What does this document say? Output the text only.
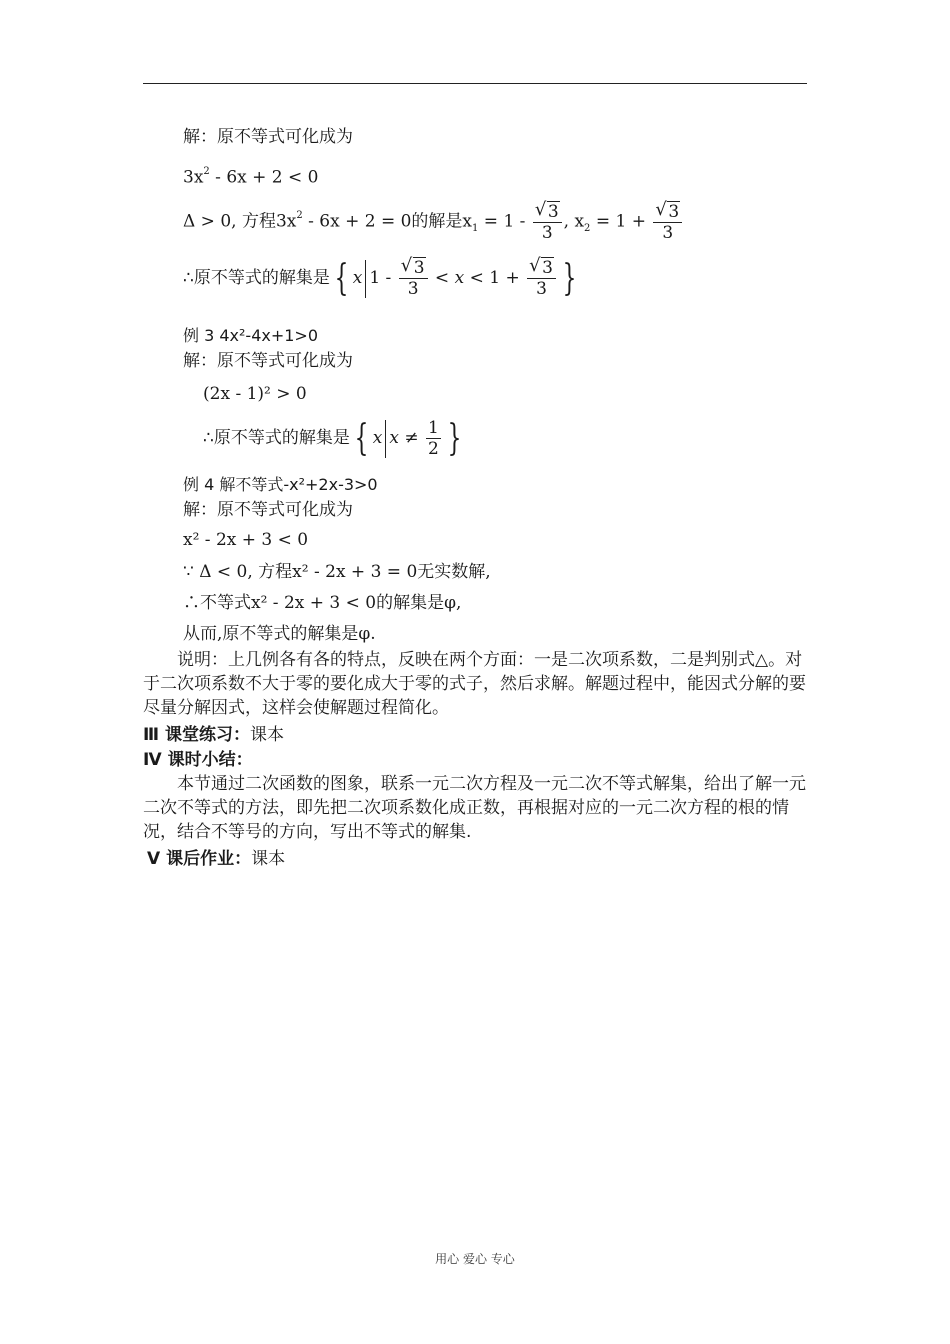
解：原不等式可化成为
$3x^2 - 6x + 2 < 0$
Δ > 0, 方程$3x^2 - 6x + 2 = 0$的解是$x_1 = 1 - \frac{√ 3}{3}$ , $x_2 = 1 + \frac{√ 3}{3}$
∴原不等式的解集是 { x $1 - \frac{√ 3}{3} < x < 1 + \frac{√ 3}{3}$ }
例 3 4x²-4x+1>0
解：原不等式可化成为
(2x - 1)² > 0
∴原不等式的解集是 { x $x \ne \frac{1}{2}$ }
例 4 解不等式-x²+2x-3>0
解：原不等式可化成为
x² - 2x + 3 < 0
∵ Δ < 0, 方程x² - 2x + 3 = 0无实数解,
∴不等式x² - 2x + 3 < 0的解集是φ,
从而,原不等式的解集是φ.
　　说明：上几例各有各的特点，反映在两个方面：一是二次项系数，二是判别式△。对于二次项系数不大于零的要化成大于零的式子，然后求解。解题过程中，能因式分解的要尽量分解因式，这样会使解题过程简化。
Ⅲ 课堂练习：课本
Ⅳ 课时小结：
　　本节通过二次函数的图象，联系一元二次方程及一元二次不等式解集，给出了解一元二次不等式的方法，即先把二次项系数化成正数，再根据对应的一元二次方程的根的情况，结合不等号的方向，写出不等式的解集.
Ⅴ 课后作业：课本
用心 爱心 专心
